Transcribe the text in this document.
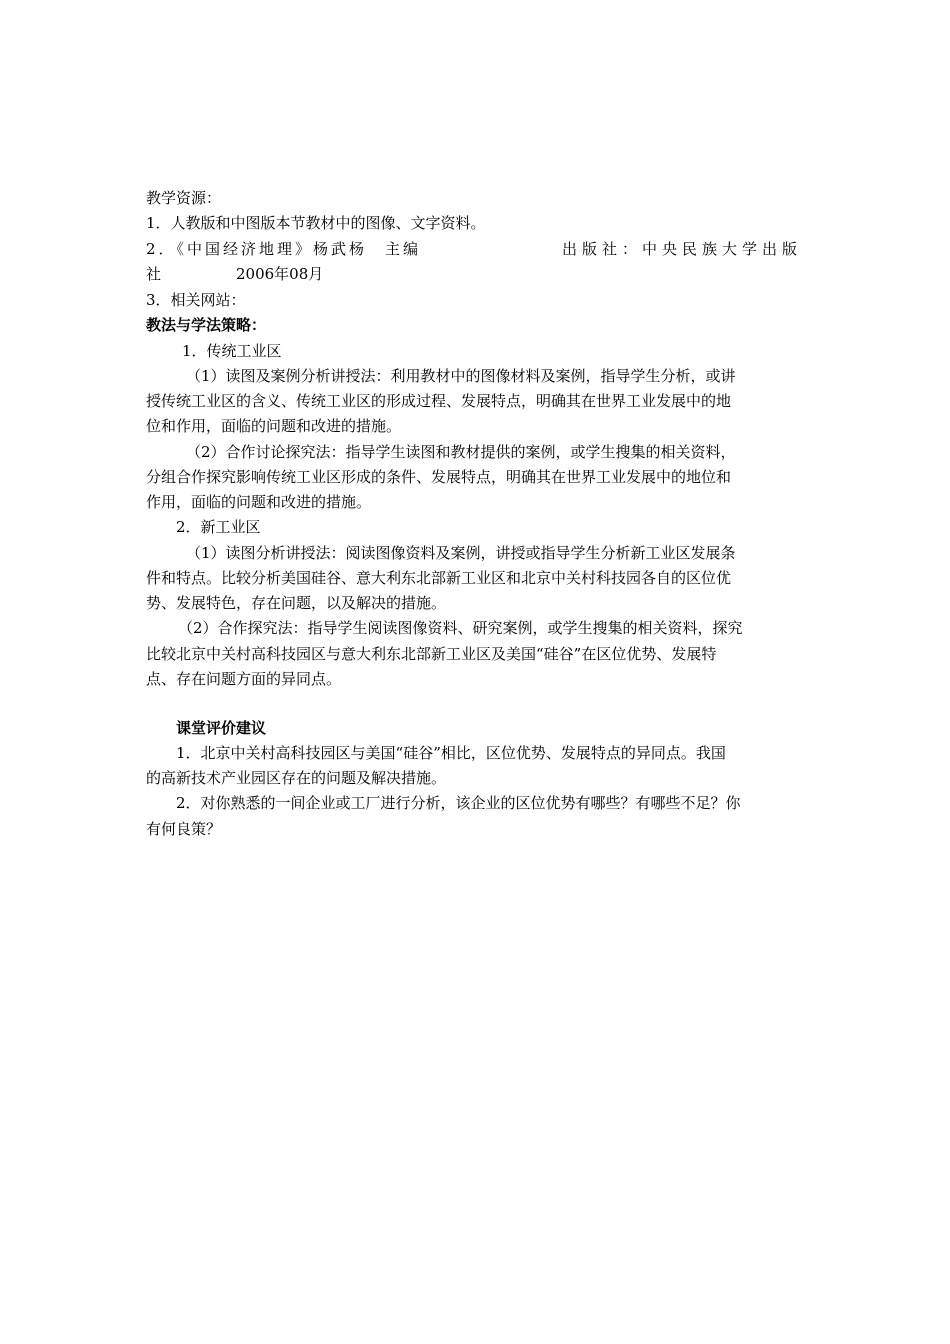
教学资源：
1．人教版和中图版本节教材中的图像、文字资料。
2．《中国经济地理》杨武杨　主编	出版社：中央民族大学出版
社　　　　　2006年08月
3．相关网站：
教法与学法策略：
1．传统工业区
（1）读图及案例分析讲授法：利用教材中的图像材料及案例，指导学生分析，或讲
授传统工业区的含义、传统工业区的形成过程、发展特点，明确其在世界工业发展中的地
位和作用，面临的问题和改进的措施。
（2）合作讨论探究法：指导学生读图和教材提供的案例，或学生搜集的相关资料，
分组合作探究影响传统工业区形成的条件、发展特点，明确其在世界工业发展中的地位和
作用，面临的问题和改进的措施。
2．新工业区
（1）读图分析讲授法：阅读图像资料及案例，讲授或指导学生分析新工业区发展条
件和特点。比较分析美国硅谷、意大利东北部新工业区和北京中关村科技园各自的区位优
势、发展特色，存在问题，以及解决的措施。
（2）合作探究法：指导学生阅读图像资料、研究案例，或学生搜集的相关资料，探究
比较北京中关村高科技园区与意大利东北部新工业区及美国“硅谷”在区位优势、发展特
点、存在问题方面的异同点。
课堂评价建议
1．北京中关村高科技园区与美国“硅谷”相比，区位优势、发展特点的异同点。我国
的高新技术产业园区存在的问题及解决措施。
2．对你熟悉的一间企业或工厂进行分析，该企业的区位优势有哪些？有哪些不足？你
有何良策？
